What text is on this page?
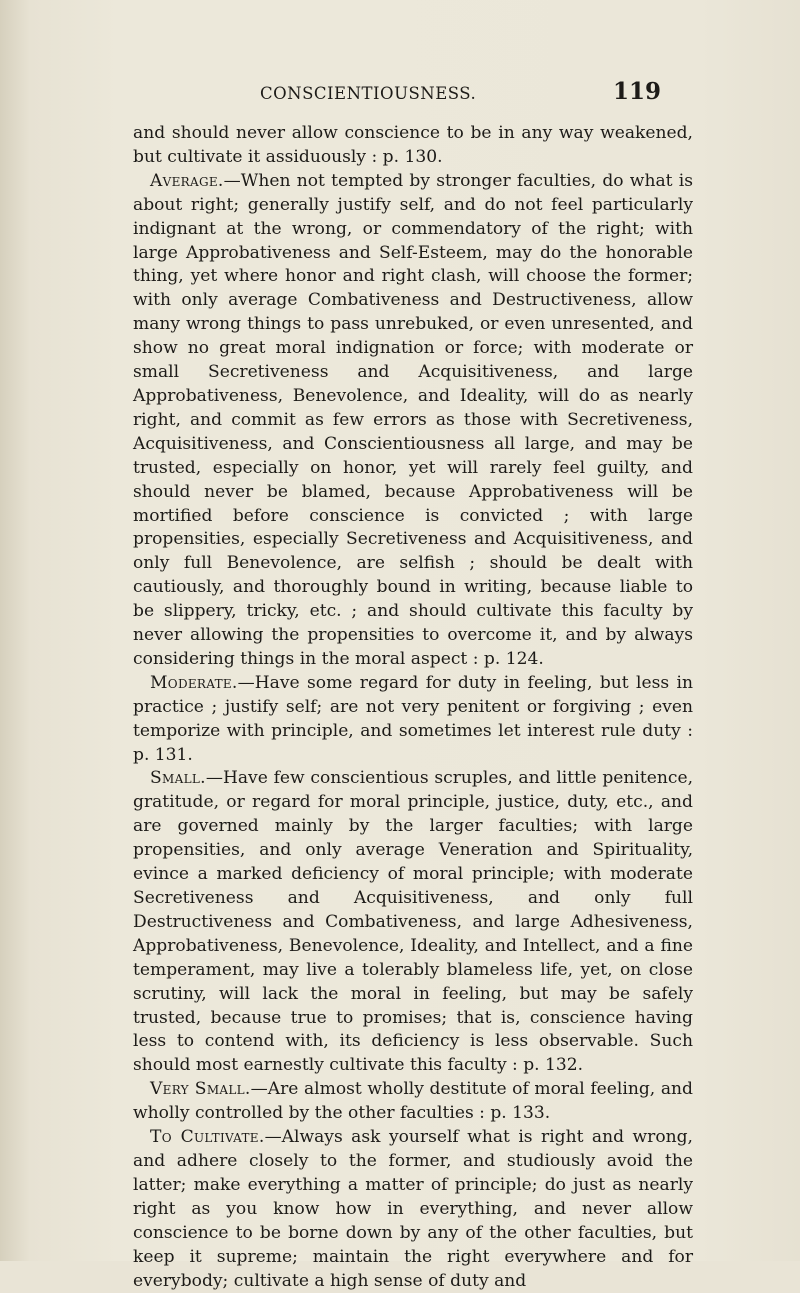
CONSCIENTIOUSNESS.	119

and should never allow conscience to be in any way weakened, but cultivate it assiduously : p. 130.

Average.—When not tempted by stronger faculties, do what is about right; generally justify self, and do not feel particularly indignant at the wrong, or commendatory of the right; with large Approbativeness and Self-Esteem, may do the honorable thing, yet where honor and right clash, will choose the former; with only average Combativeness and Destructiveness, allow many wrong things to pass unrebuked, or even unresented, and show no great moral indignation or force; with moderate or small Secretiveness and Acquisitiveness, and large Approbativeness, Benevolence, and Ideality, will do as nearly right, and commit as few errors as those with Secretiveness, Acquisitiveness, and Conscientiousness all large, and may be trusted, especially on honor, yet will rarely feel guilty, and should never be blamed, because Approbativeness will be mortified before conscience is convicted ; with large propensities, especially Secretiveness and Acquisitiveness, and only full Benevolence, are selfish ; should be dealt with cautiously, and thoroughly bound in writing, because liable to be slippery, tricky, etc. ; and should cultivate this faculty by never allowing the propensities to overcome it, and by always considering things in the moral aspect : p. 124.

Moderate.—Have some regard for duty in feeling, but less in practice ; justify self; are not very penitent or forgiving ; even temporize with principle, and sometimes let interest rule duty : p. 131.

Small.—Have few conscientious scruples, and little penitence, gratitude, or regard for moral principle, justice, duty, etc., and are governed mainly by the larger faculties; with large propensities, and only average Veneration and Spirituality, evince a marked deficiency of moral principle; with moderate Secretiveness and Acquisitiveness, and only full Destructiveness and Combativeness, and large Adhesiveness, Approbativeness, Benevolence, Ideality, and Intellect, and a fine temperament, may live a tolerably blameless life, yet, on close scrutiny, will lack the moral in feeling, but may be safely trusted, because true to promises; that is, conscience having less to contend with, its deficiency is less observable. Such should most earnestly cultivate this faculty : p. 132.

Very Small.—Are almost wholly destitute of moral feeling, and wholly controlled by the other faculties : p. 133.

To Cultivate.—Always ask yourself what is right and wrong, and adhere closely to the former, and studiously avoid the latter; make everything a matter of principle; do just as nearly right as you know how in everything, and never allow conscience to be borne down by any of the other faculties, but keep it supreme; maintain the right everywhere and for everybody; cultivate a high sense of duty and
